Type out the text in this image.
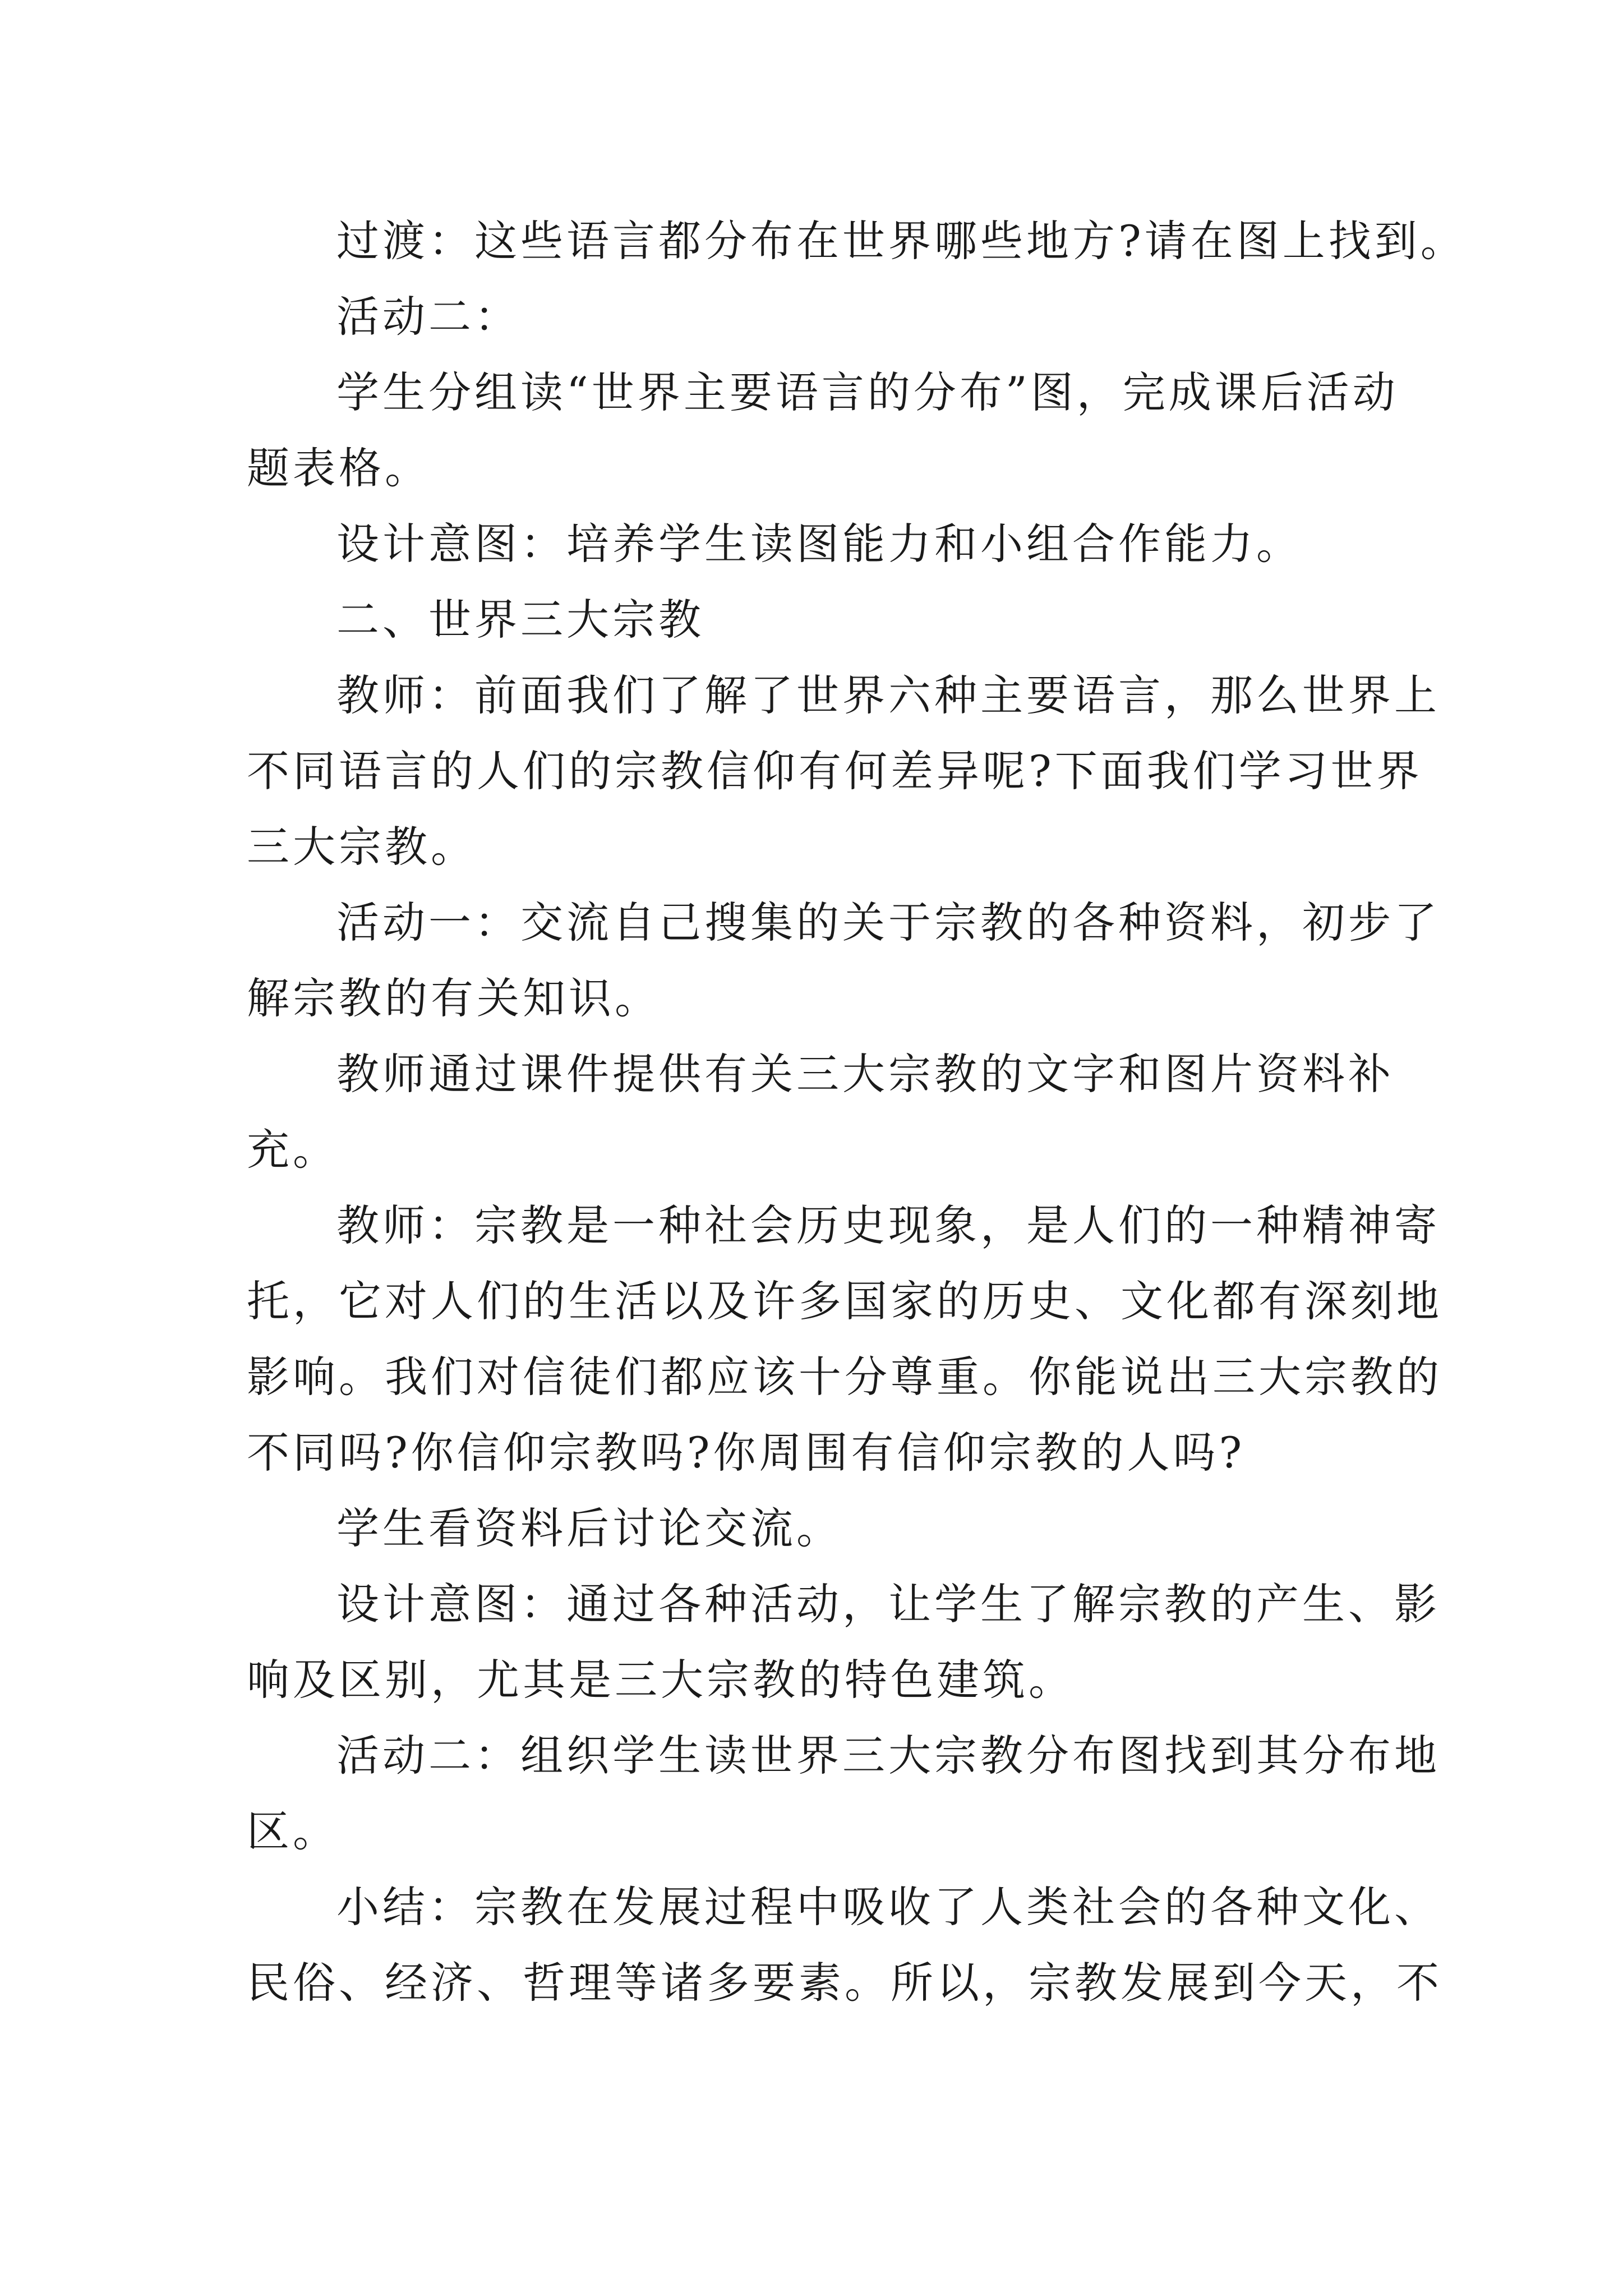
过渡：这些语言都分布在世界哪些地方?请在图上找到。
活动二：
学生分组读“世界主要语言的分布”图，完成课后活动
题表格。
设计意图：培养学生读图能力和小组合作能力。
二、世界三大宗教
教师：前面我们了解了世界六种主要语言，那么世界上
不同语言的人们的宗教信仰有何差异呢?下面我们学习世界
三大宗教。
活动一：交流自己搜集的关于宗教的各种资料，初步了
解宗教的有关知识。
教师通过课件提供有关三大宗教的文字和图片资料补
充。
教师：宗教是一种社会历史现象，是人们的一种精神寄
托，它对人们的生活以及许多国家的历史、文化都有深刻地
影响。我们对信徒们都应该十分尊重。你能说出三大宗教的
不同吗?你信仰宗教吗?你周围有信仰宗教的人吗?
学生看资料后讨论交流。
设计意图：通过各种活动，让学生了解宗教的产生、影
响及区别，尤其是三大宗教的特色建筑。
活动二：组织学生读世界三大宗教分布图找到其分布地
区。
小结：宗教在发展过程中吸收了人类社会的各种文化、
民俗、经济、哲理等诸多要素。所以，宗教发展到今天，不
